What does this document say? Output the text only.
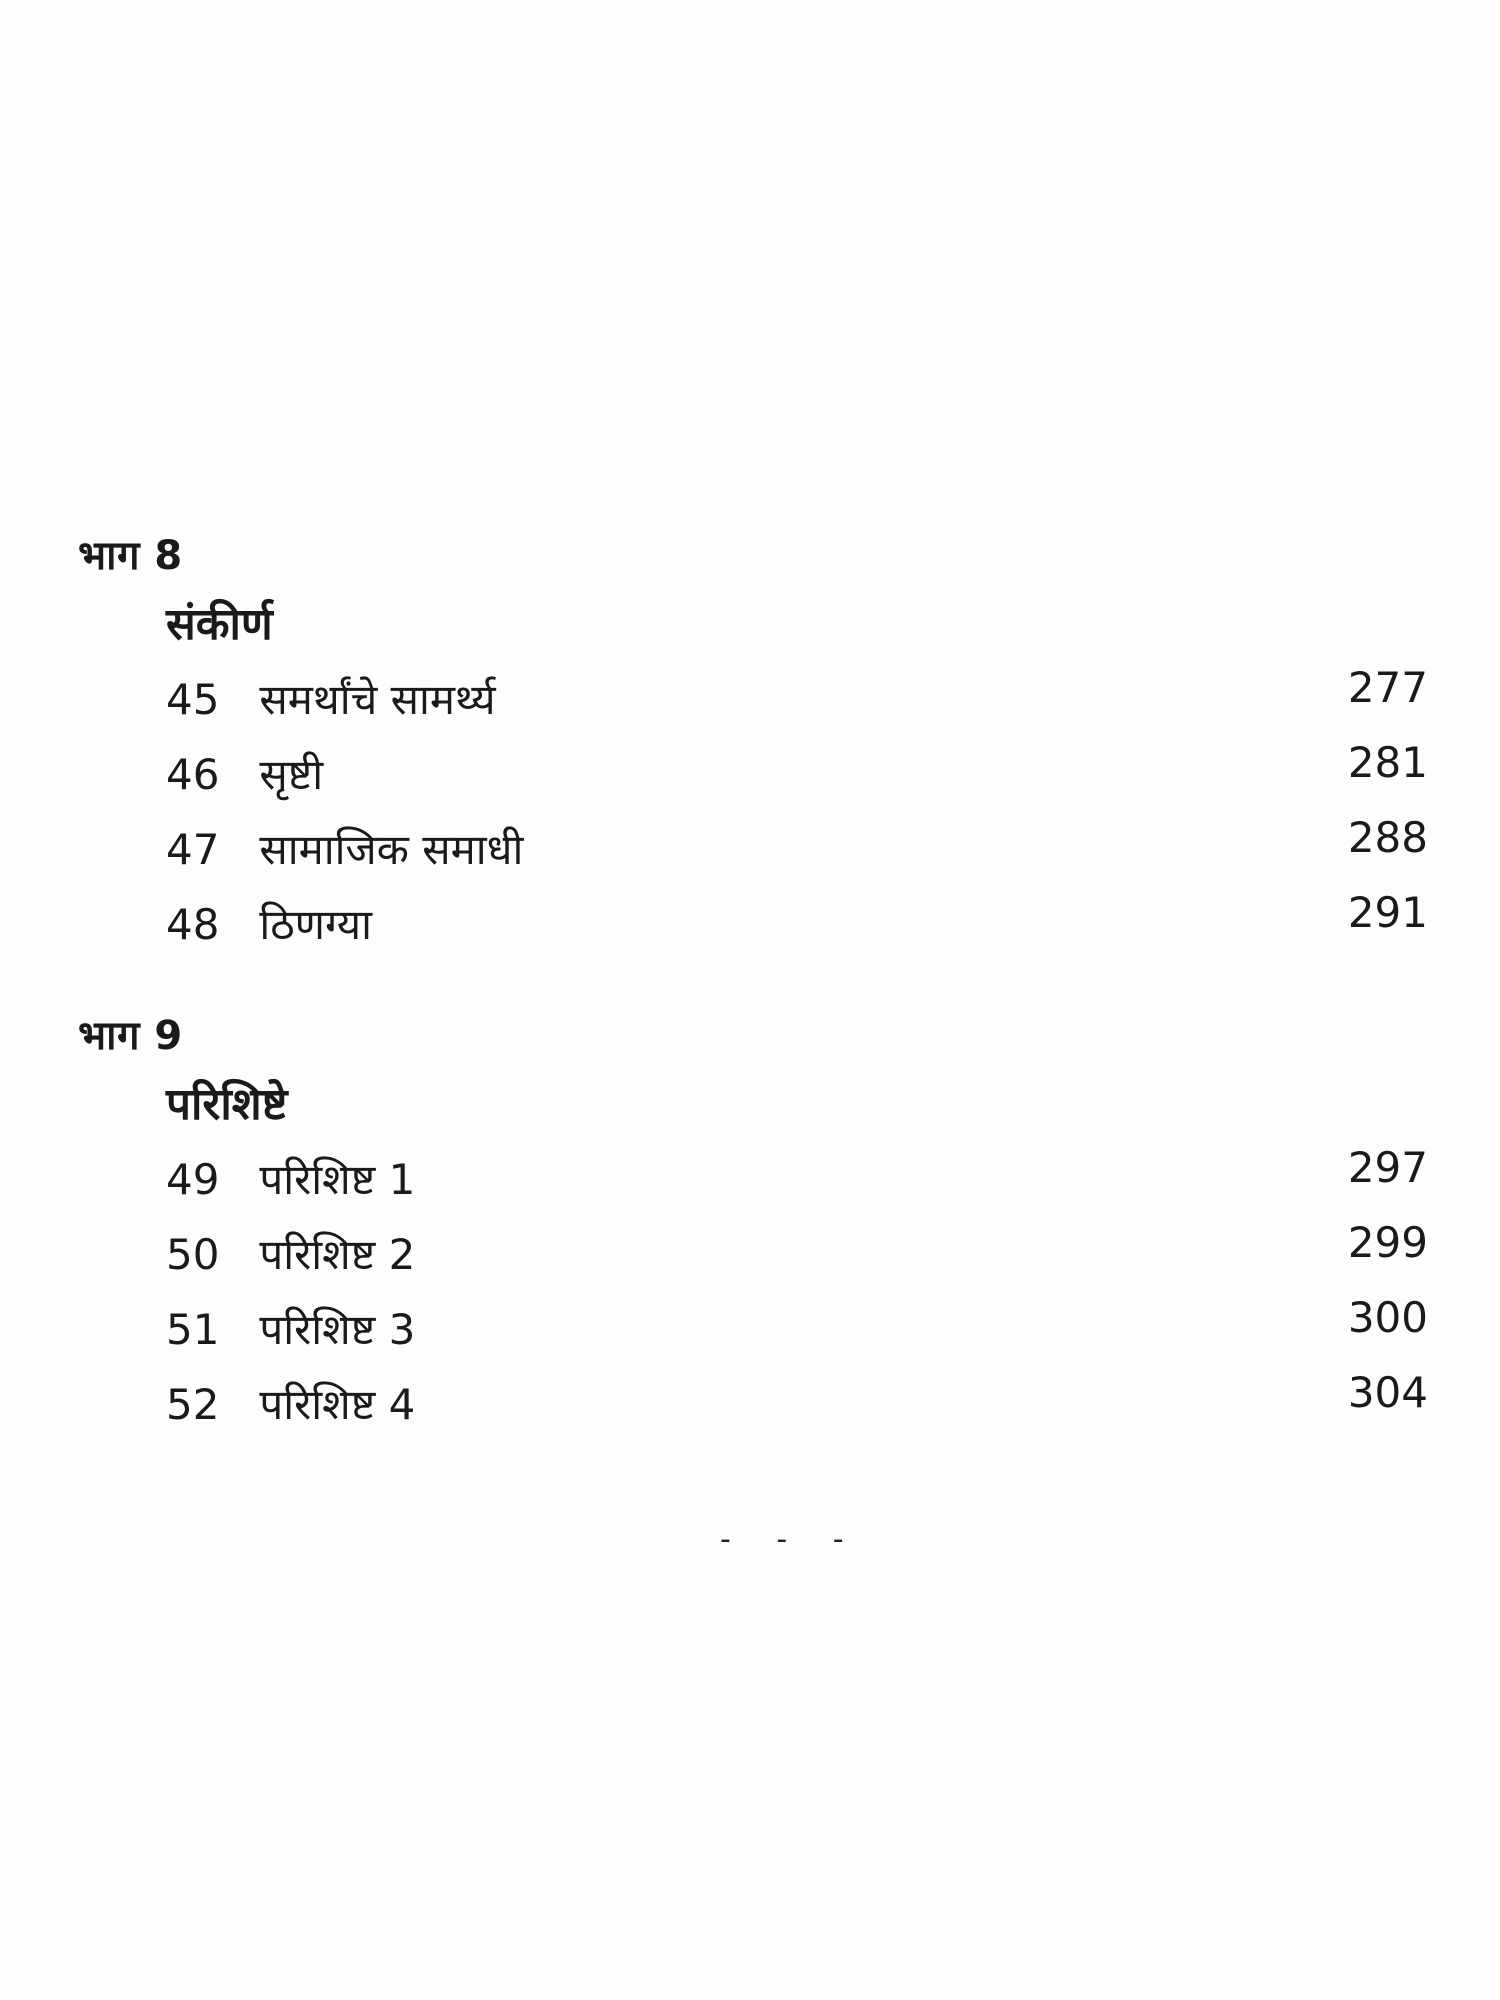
भाग 8
संकीर्ण
45 समर्थांचे सामर्थ्य	277
46 सृष्टी	281
47 सामाजिक समाधी	288
48 ठिणग्या	291
भाग 9
परिशिष्टे
49 परिशिष्ट 1	297
50 परिशिष्ट 2	299
51 परिशिष्ट 3	300
52 परिशिष्ट 4	304
- - -
